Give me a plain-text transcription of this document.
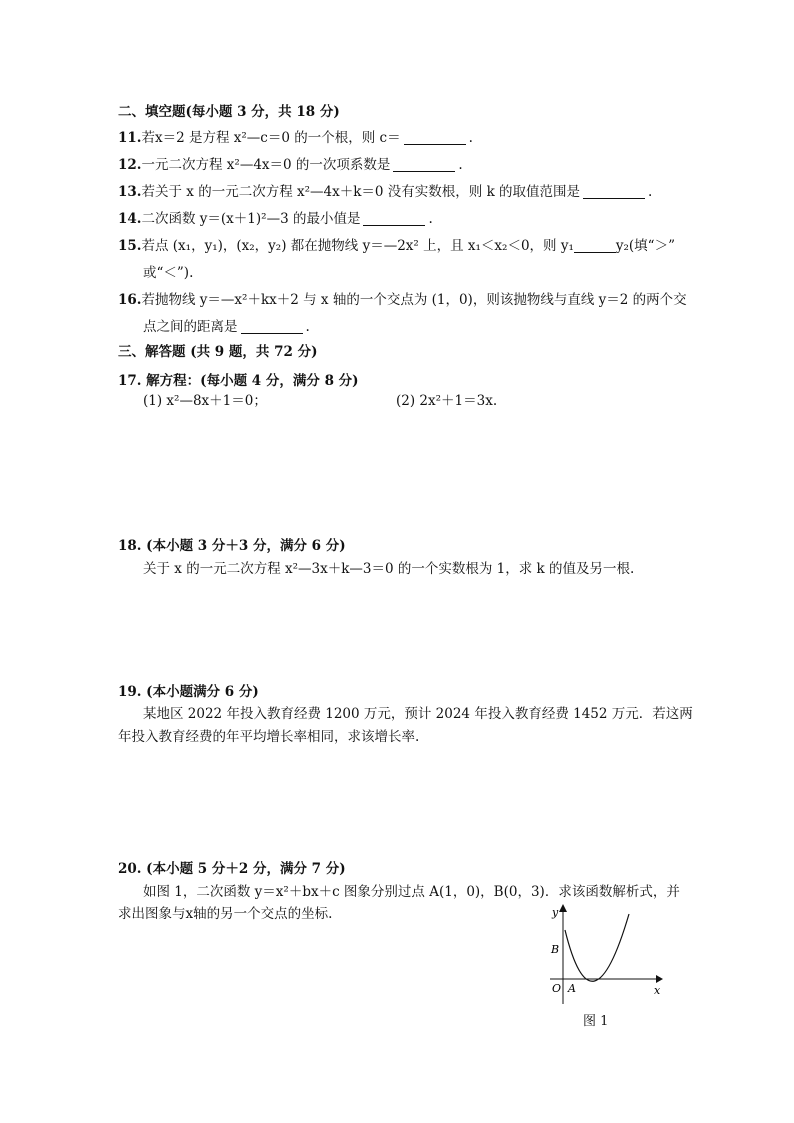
二、填空题(每小题 3 分，共 18 分)
11.若x＝2 是方程 x²—c＝0 的一个根，则 c＝	.
12.一元二次方程 x²—4x＝0 的一次项系数是	.
13.若关于 x 的一元二次方程 x²—4x＋k＝0 没有实数根，则 k 的取值范围是	.
14.二次函数 y＝(x＋1)²—3 的最小值是	.
15.若点 (x₁，y₁)，(x₂，y₂) 都在抛物线 y＝—2x² 上，且 x₁＜x₂＜0，则 y₁	y₂(填“＞”
或“＜”).
16.若抛物线 y＝—x²＋kx＋2 与 x 轴的一个交点为 (1，0)，则该抛物线与直线 y＝2 的两个交
点之间的距离是	.
三、解答题 (共 9 题，共 72 分)
17. 解方程：(每小题 4 分，满分 8 分)
(1) x²—8x＋1＝0；	(2) 2x²＋1＝3x.
18. (本小题 3 分＋3 分，满分 6 分)
关于 x 的一元二次方程 x²—3x＋k—3＝0 的一个实数根为 1，求 k 的值及另一根.
19. (本小题满分 6 分)
某地区 2022 年投入教育经费 1200 万元，预计 2024 年投入教育经费 1452 万元．若这两
年投入教育经费的年平均增长率相同，求该增长率.
20. (本小题 5 分＋2 分，满分 7 分)
如图 1，二次函数 y＝x²＋bx＋c 图象分别过点 A(1，0)，B(0，3)．求该函数解析式，并
求出图象与x轴的另一个交点的坐标.	y
x
O A
B
图 1
